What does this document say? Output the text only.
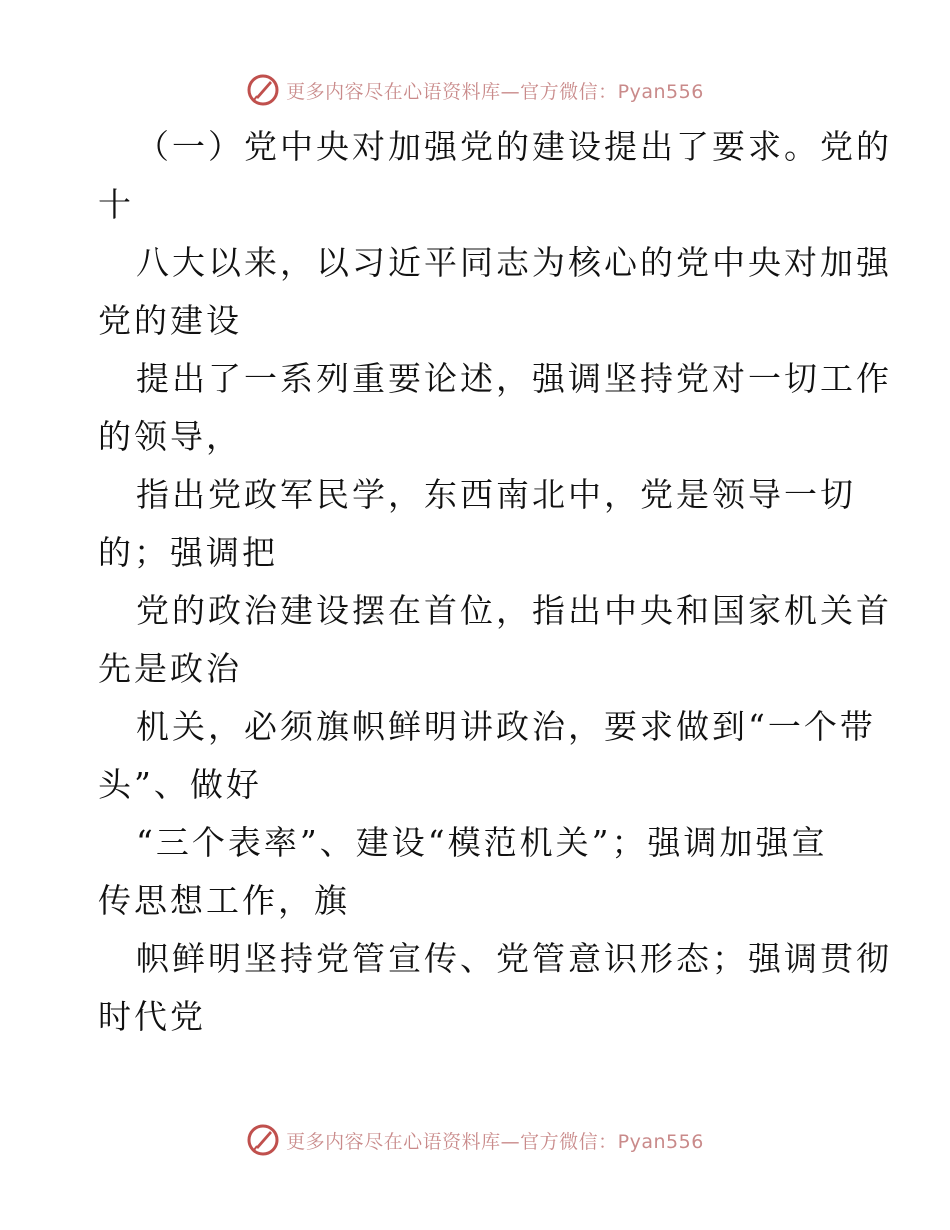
更多内容尽在心语资料库—官方微信：Pyan556
（一）党中央对加强党的建设提出了要求。党的
十
八大以来，以习近平同志为核心的党中央对加强
党的建设
提出了一系列重要论述，强调坚持党对一切工作
的领导，
指出党政军民学，东西南北中，党是领导一切
的；强调把
党的政治建设摆在首位，指出中央和国家机关首
先是政治
机关，必须旗帜鲜明讲政治，要求做到“一个带
头”、做好
“三个表率”、建设“模范机关”；强调加强宣
传思想工作，旗
帜鲜明坚持党管宣传、党管意识形态；强调贯彻
时代党
更多内容尽在心语资料库—官方微信：Pyan556
